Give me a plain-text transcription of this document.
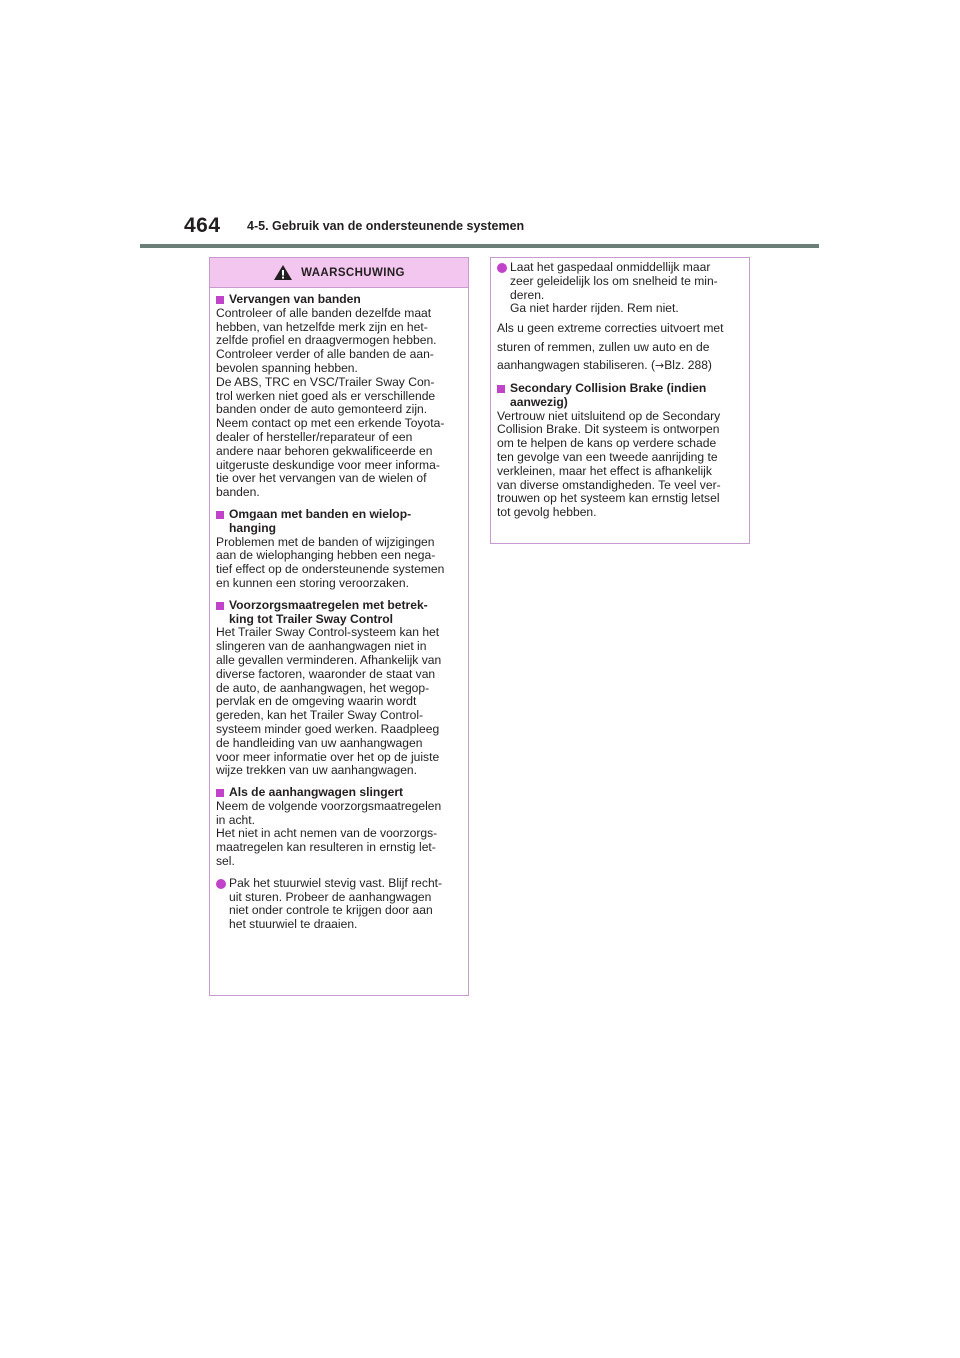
464 4-5. Gebruik van de ondersteunende systemen
WAARSCHUWING
Vervangen van banden
Controleer of alle banden dezelfde maat
hebben, van hetzelfde merk zijn en het-
zelfde profiel en draagvermogen hebben.
Controleer verder of alle banden de aan-
bevolen spanning hebben.
De ABS, TRC en VSC/Trailer Sway Con-
trol werken niet goed als er verschillende
banden onder de auto gemonteerd zijn.
Neem contact op met een erkende Toyota-
dealer of hersteller/reparateur of een
andere naar behoren gekwalificeerde en
uitgeruste deskundige voor meer informa-
tie over het vervangen van de wielen of
banden.
Omgaan met banden en wielop-
hanging
Problemen met de banden of wijzigingen
aan de wielophanging hebben een nega-
tief effect op de ondersteunende systemen
en kunnen een storing veroorzaken.
Voorzorgsmaatregelen met betrek-
king tot Trailer Sway Control
Het Trailer Sway Control-systeem kan het
slingeren van de aanhangwagen niet in
alle gevallen verminderen. Afhankelijk van
diverse factoren, waaronder de staat van
de auto, de aanhangwagen, het wegop-
pervlak en de omgeving waarin wordt
gereden, kan het Trailer Sway Control-
systeem minder goed werken. Raadpleeg
de handleiding van uw aanhangwagen
voor meer informatie over het op de juiste
wijze trekken van uw aanhangwagen.
Als de aanhangwagen slingert
Neem de volgende voorzorgsmaatregelen
in acht.
Het niet in acht nemen van de voorzorgs-
maatregelen kan resulteren in ernstig let-
sel.
Pak het stuurwiel stevig vast. Blijf recht-
uit sturen. Probeer de aanhangwagen
niet onder controle te krijgen door aan
het stuurwiel te draaien.
Laat het gaspedaal onmiddellijk maar
zeer geleidelijk los om snelheid te min-
deren.
Ga niet harder rijden. Rem niet.
Als u geen extreme correcties uitvoert met
sturen of remmen, zullen uw auto en de
aanhangwagen stabiliseren. (→Blz. 288)
Secondary Collision Brake (indien
aanwezig)
Vertrouw niet uitsluitend op de Secondary
Collision Brake. Dit systeem is ontworpen
om te helpen de kans op verdere schade
ten gevolge van een tweede aanrijding te
verkleinen, maar het effect is afhankelijk
van diverse omstandigheden. Te veel ver-
trouwen op het systeem kan ernstig letsel
tot gevolg hebben.
